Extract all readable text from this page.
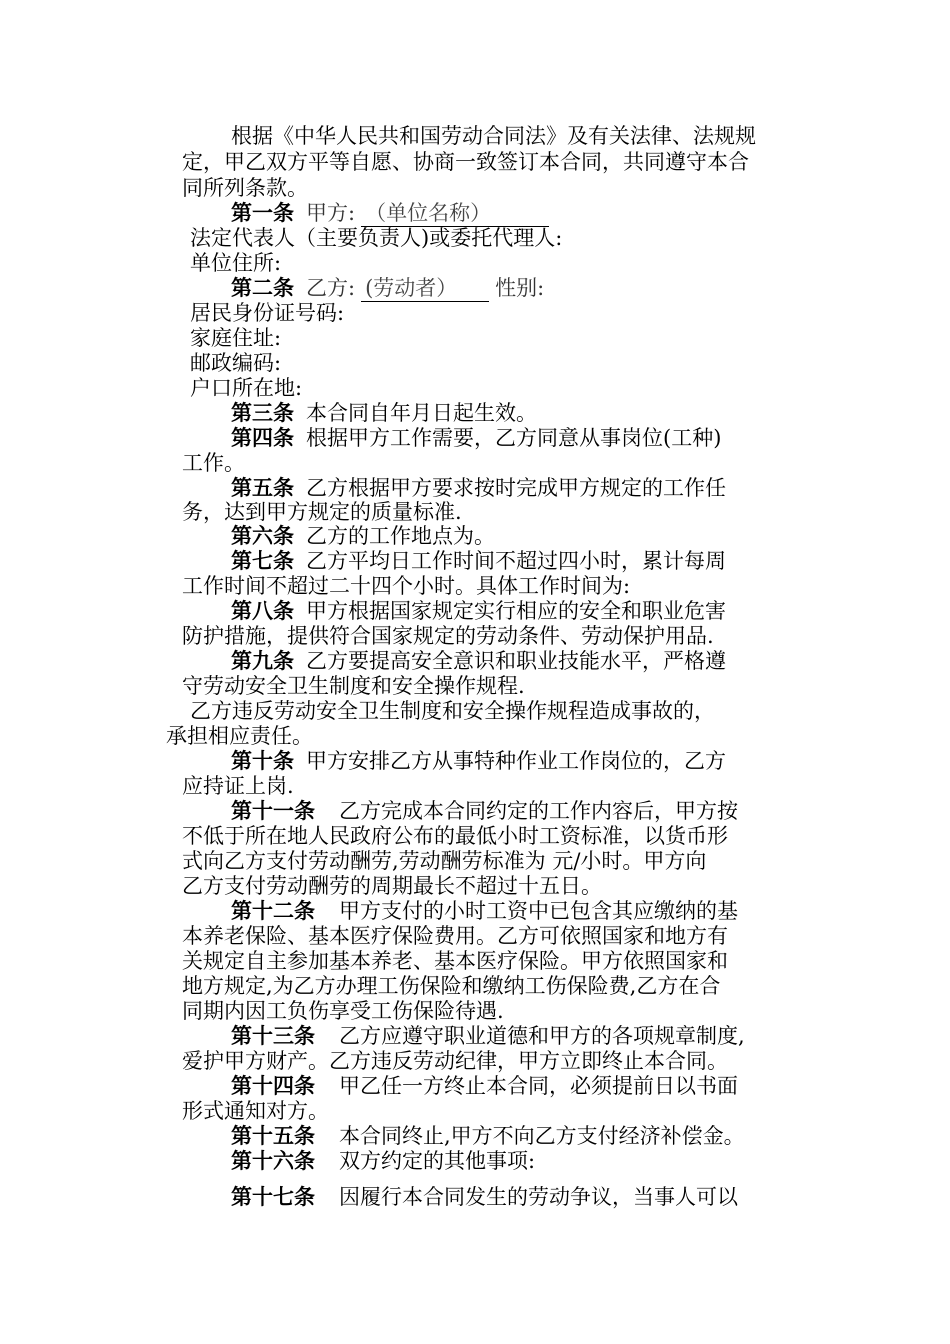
根据《中华人民共和国劳动合同法》及有关法律、法规规
定，甲乙双方平等自愿、协商一致签订本合同，共同遵守本合
同所列条款。
第一条 甲方: （单位名称）
法定代表人（主要负责人)或委托代理人:
单位住所:
第二条 乙方: (劳动者） 性别:
居民身份证号码:
家庭住址:
邮政编码:
户口所在地:
第三条 本合同自年月日起生效。
第四条 根据甲方工作需要，乙方同意从事岗位(工种)
工作。
第五条 乙方根据甲方要求按时完成甲方规定的工作任
务，达到甲方规定的质量标准.
第六条 乙方的工作地点为。
第七条 乙方平均日工作时间不超过四小时，累计每周
工作时间不超过二十四个小时。具体工作时间为:
第八条 甲方根据国家规定实行相应的安全和职业危害
防护措施，提供符合国家规定的劳动条件、劳动保护用品.
第九条 乙方要提高安全意识和职业技能水平，严格遵
守劳动安全卫生制度和安全操作规程.
乙方违反劳动安全卫生制度和安全操作规程造成事故的，
承担相应责任。
第十条 甲方安排乙方从事特种作业工作岗位的，乙方
应持证上岗.
第十一条 乙方完成本合同约定的工作内容后，甲方按
不低于所在地人民政府公布的最低小时工资标准，以货币形
式向乙方支付劳动酬劳,劳动酬劳标准为 元/小时。甲方向
乙方支付劳动酬劳的周期最长不超过十五日。
第十二条 甲方支付的小时工资中已包含其应缴纳的基
本养老保险、基本医疗保险费用。乙方可依照国家和地方有
关规定自主参加基本养老、基本医疗保险。甲方依照国家和
地方规定,为乙方办理工伤保险和缴纳工伤保险费,乙方在合
同期内因工负伤享受工伤保险待遇.
第十三条 乙方应遵守职业道德和甲方的各项规章制度,
爱护甲方财产。乙方违反劳动纪律，甲方立即终止本合同。
第十四条 甲乙任一方终止本合同，必须提前日以书面
形式通知对方。
第十五条 本合同终止,甲方不向乙方支付经济补偿金。
第十六条 双方约定的其他事项:
第十七条 因履行本合同发生的劳动争议，当事人可以
